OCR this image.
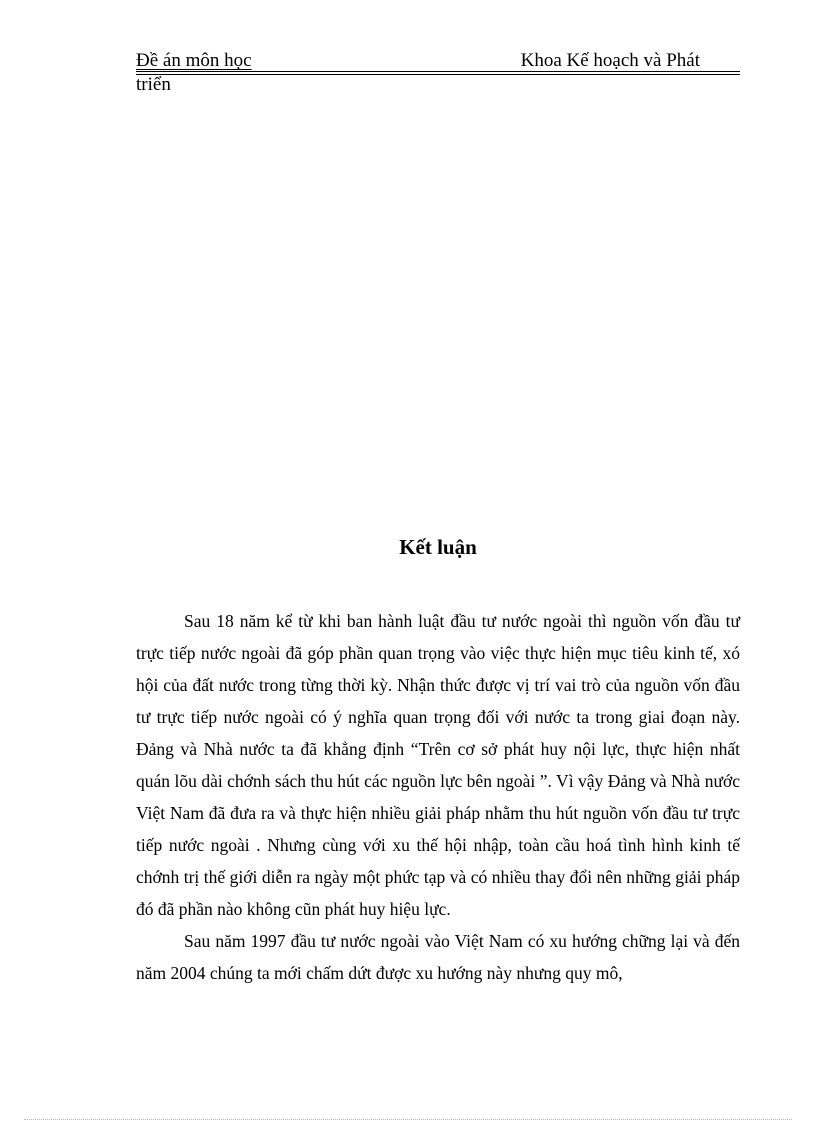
Đề án môn học	Khoa Kế hoạch và Phát
triển
Kết luận

Sau 18 năm kể từ khi ban hành luật đầu tư nước ngoài thì nguồn vốn đầu tư trực tiếp nước ngoài đã góp phần quan trọng vào việc thực hiện mục tiêu kinh tế, xó hội của đất nước trong từng thời kỳ. Nhận thức được vị trí vai trò của nguồn vốn đầu tư trực tiếp nước ngoài có ý nghĩa quan trọng đối với nước ta trong giai đoạn này. Đảng và Nhà nước ta đã khẳng định “Trên cơ sở phát huy nội lực, thực hiện nhất quán lõu dài chớnh sách thu hút các nguồn lực bên ngoài ”. Vì vậy Đảng và Nhà nước Việt Nam đã đưa ra và thực hiện nhiều giải pháp nhằm thu hút nguồn vốn đầu tư trực tiếp nước ngoài . Nhưng cùng với xu thế hội nhập, toàn cầu hoá tình hình kinh tế chớnh trị thế giới diễn ra ngày một phức tạp và có nhiều thay đổi nên những giải pháp đó đã phần nào không cũn phát huy hiệu lực.

Sau năm 1997 đầu tư nước ngoài vào Việt Nam có xu hướng chững lại và đến năm 2004 chúng ta mới chấm dứt được xu hướng này nhưng quy mô,
